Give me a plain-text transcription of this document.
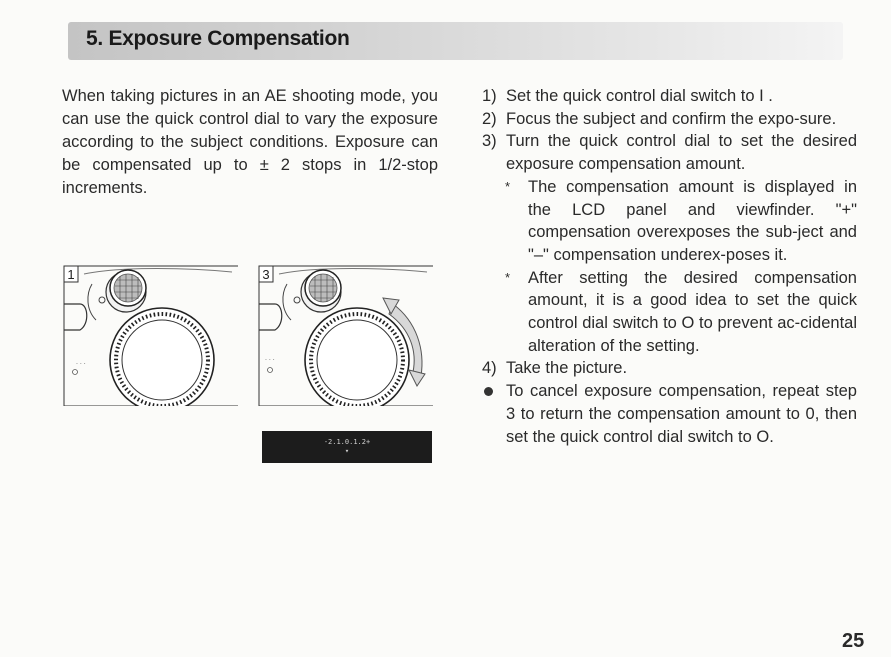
5. Exposure Compensation

When taking pictures in an AE shooting mode, you can use the quick control dial to vary the exposure according to the subject conditions. Exposure can be compensated up to ± 2 stops in 1/2-stop increments.

1) Set the quick control dial switch to I .
2) Focus the subject and confirm the expo-sure.
3) Turn the quick control dial to set the desired exposure compensation amount.
* The compensation amount is displayed in the LCD panel and viewfinder. "+" compensation overexposes the sub-ject and "–" compensation underex-poses it.
* After setting the desired compensation amount, it is a good idea to set the quick control dial switch to O to prevent ac-cidental alteration of the setting.
4) Take the picture.
To cancel exposure compensation, repeat step 3 to return the compensation amount to 0, then set the quick control dial switch to O.
1
. . .
. . .
3
. . .
-2.1.0.1.2+
▾
25
